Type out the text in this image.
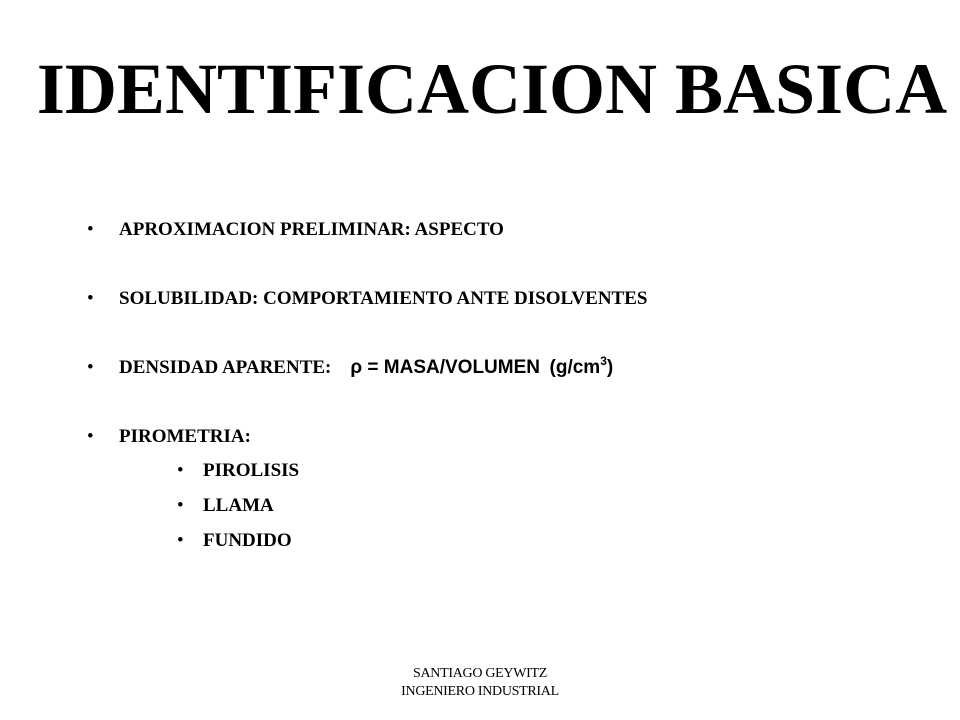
IDENTIFICACION BASICA
• APROXIMACION PRELIMINAR: ASPECTO
• SOLUBILIDAD: COMPORTAMIENTO ANTE DISOLVENTES
• DENSIDAD APARENTE: ρ = MASA/VOLUMEN $(g/cm^3)$
• PIROMETRIA:
• PIROLISIS
• LLAMA
• FUNDIDO
SANTIAGO GEYWITZ
INGENIERO INDUSTRIAL
